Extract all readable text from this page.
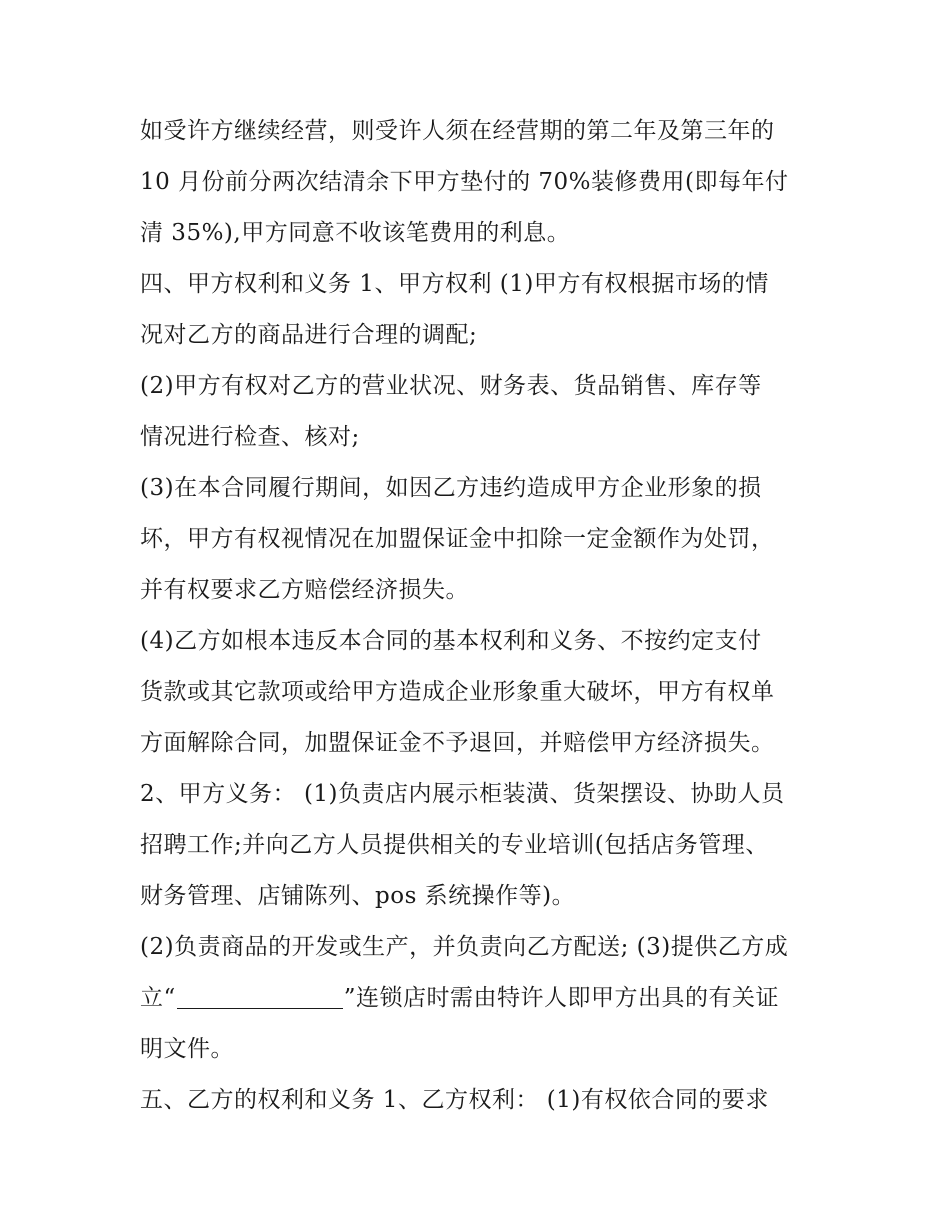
如受许方继续经营，则受许人须在经营期的第二年及第三年的
10 月份前分两次结清余下甲方垫付的 70%装修费用(即每年付
清 35%),甲方同意不收该笔费用的利息。
四、甲方权利和义务 1、甲方权利 (1)甲方有权根据市场的情
况对乙方的商品进行合理的调配;
(2)甲方有权对乙方的营业状况、财务表、货品销售、库存等
情况进行检查、核对;
(3)在本合同履行期间，如因乙方违约造成甲方企业形象的损
坏，甲方有权视情况在加盟保证金中扣除一定金额作为处罚，
并有权要求乙方赔偿经济损失。
(4)乙方如根本违反本合同的基本权利和义务、不按约定支付
货款或其它款项或给甲方造成企业形象重大破坏，甲方有权单
方面解除合同，加盟保证金不予退回，并赔偿甲方经济损失。
2、甲方义务： (1)负责店内展示柜装潢、货架摆设、协助人员
招聘工作;并向乙方人员提供相关的专业培训(包括店务管理、
财务管理、店铺陈列、pos 系统操作等)。
(2)负责商品的开发或生产，并负责向乙方配送; (3)提供乙方成
立“	”连锁店时需由特许人即甲方出具的有关证
明文件。
五、乙方的权利和义务 1、乙方权利： (1)有权依合同的要求
